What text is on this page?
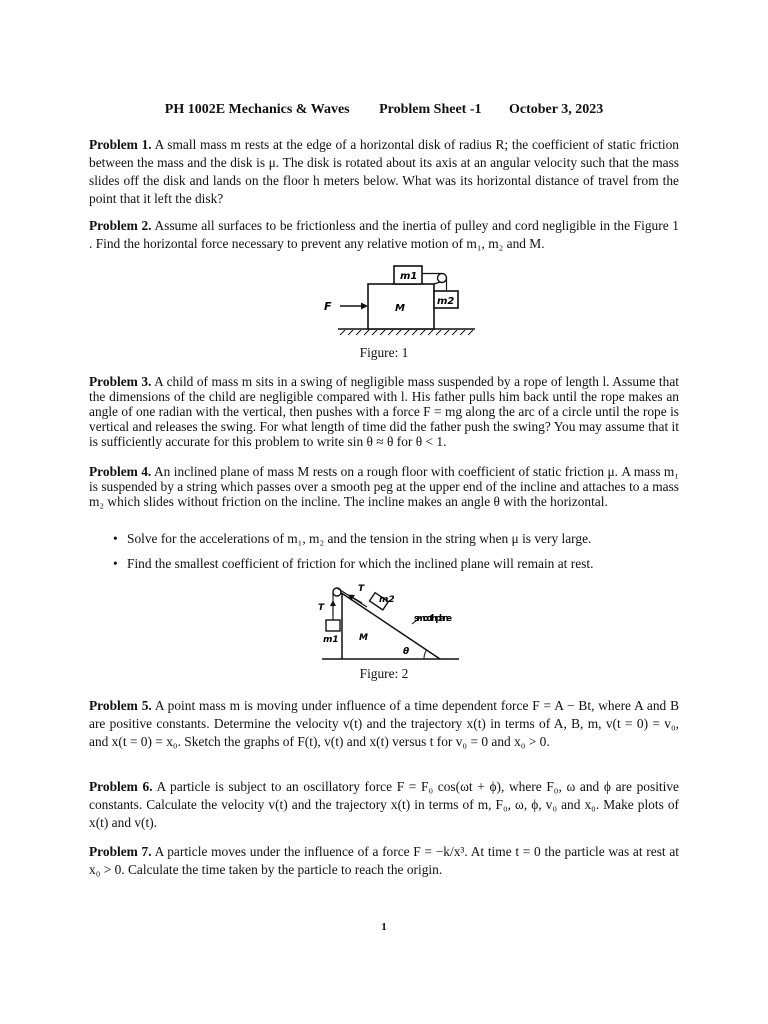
PH 1002E Mechanics & Waves Problem Sheet -1 October 3, 2023
Problem 1. A small mass m rests at the edge of a horizontal disk of radius R; the coefficient of static friction between the mass and the disk is μ. The disk is rotated about its axis at an angular velocity such that the mass slides off the disk and lands on the floor h meters below. What was its horizontal distance of travel from the point that it left the disk?
Problem 2. Assume all surfaces to be frictionless and the inertia of pulley and cord negligible in the Figure 1 . Find the horizontal force necessary to prevent any relative motion of m₁, m₂ and M.
F	M
m1
m2
Figure: 1
Problem 3. A child of mass m sits in a swing of negligible mass suspended by a rope of length l. Assume that the dimensions of the child are negligible compared with l. His father pulls him back until the rope makes an angle of one radian with the vertical, then pushes with a force F = mg along the arc of a circle until the rope is vertical and releases the swing. For what length of time did the father push the swing? You may assume that it is sufficiently accurate for this problem to write sin θ ≈ θ for θ < 1.
Problem 4. An inclined plane of mass M rests on a rough floor with coefficient of static friction μ. A mass m₁ is suspended by a string which passes over a smooth peg at the upper end of the incline and attaches to a mass m₂ which slides without friction on the incline. The incline makes an angle θ with the horizontal.
• Solve for the accelerations of m₁, m₂ and the tension in the string when μ is very large.
• Find the smallest coefficient of friction for which the inclined plane will remain at rest.
T
T
m1
m2
M
θ
smooth plane
Figure: 2
Problem 5. A point mass m is moving under influence of a time dependent force F = A − Bt, where A and B are positive constants. Determine the velocity v(t) and the trajectory x(t) in terms of A, B, m, v(t = 0) = v₀, and x(t = 0) = x₀. Sketch the graphs of F(t), v(t) and x(t) versus t for v₀ = 0 and x₀ > 0.
Problem 6. A particle is subject to an oscillatory force F = F₀ cos(ωt + ϕ), where F₀, ω and ϕ are positive constants. Calculate the velocity v(t) and the trajectory x(t) in terms of m, F₀, ω, ϕ, v₀ and x₀. Make plots of x(t) and v(t).
Problem 7. A particle moves under the influence of a force F = −k/x³. At time t = 0 the particle was at rest at x₀ > 0. Calculate the time taken by the particle to reach the origin.
1
